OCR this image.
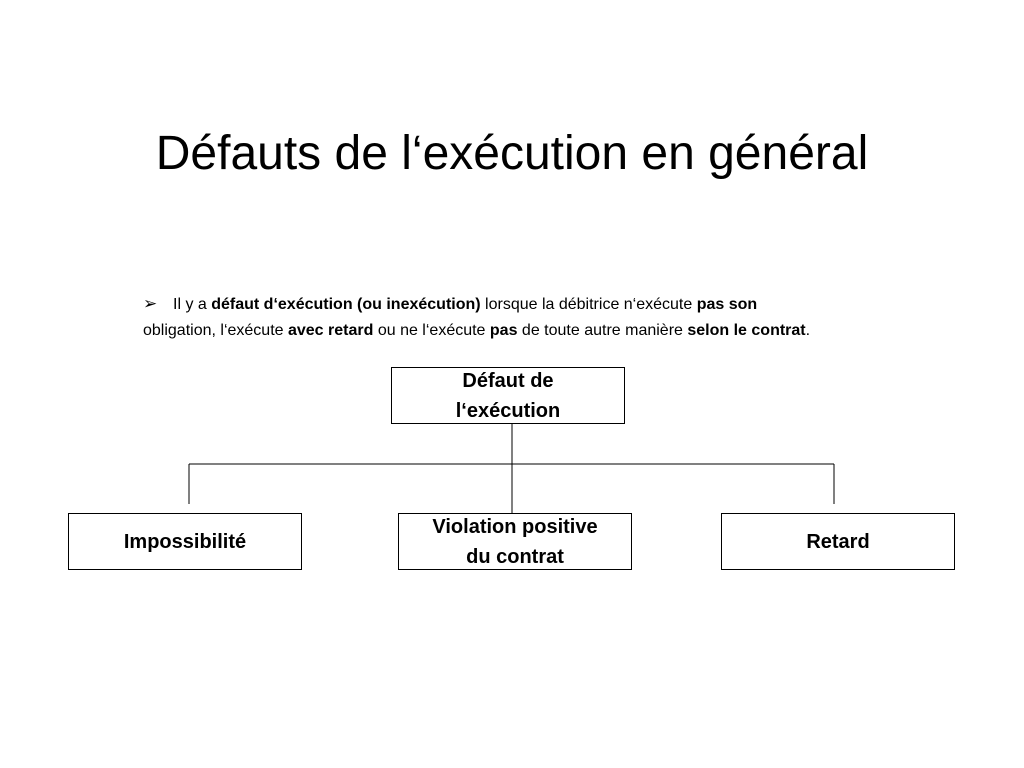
Défauts de l‘exécution en général
➢ Il y a défaut d‘exécution (ou inexécution) lorsque la débitrice n‘exécute pas son
obligation, l‘exécute avec retard ou ne l‘exécute pas de toute autre manière selon le contrat.
Défaut de
l‘exécution
Impossibilité
Violation positive
du contrat
Retard
